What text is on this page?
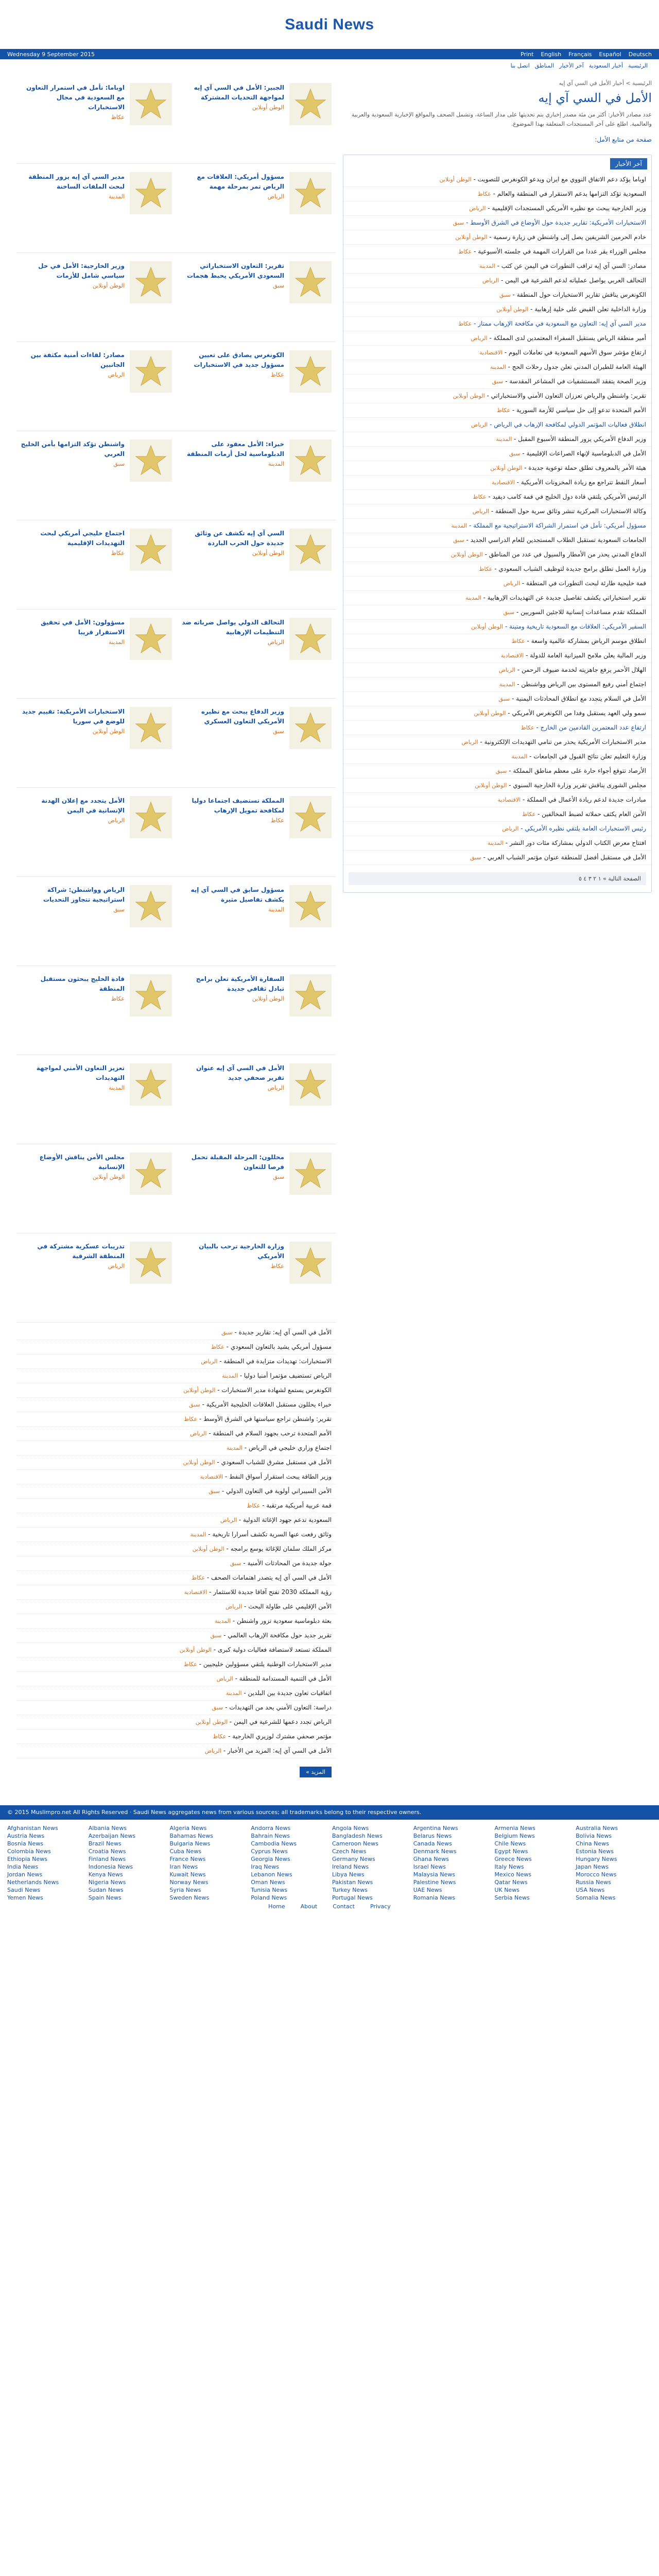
Saudi News
Wednesday 9 September 2015	Print English Français Español Deutsch
الرئيسية
أخبار السعودية
آخر الأخبار
المناطق
اتصل بنا
الرئيسية > أخبار الأمل في السي آي إيه
الأمل في السي آي إيه

عدد مصادر الأخبار: أكثر من مئة مصدر إخباري يتم تحديثها على مدار الساعة، وتشمل الصحف والمواقع الإخبارية السعودية والعربية والعالمية. اطلع على آخر المستجدات المتعلقة بهذا الموضوع.

صفحة من متابع الأمل:
آخر الأخبار
اوباما يؤكد دعم الاتفاق النووي مع ايران ويدعو الكونغرس للتصويت - الوطن أونلاين
السعودية تؤكد التزامها بدعم الاستقرار في المنطقة والعالم - عكاظ
وزير الخارجية يبحث مع نظيره الأمريكي المستجدات الإقليمية - الرياض
الاستخبارات الأمريكية: تقارير جديدة حول الأوضاع في الشرق الأوسط - سبق
خادم الحرمين الشريفين يصل إلى واشنطن في زيارة رسمية - الوطن أونلاين
مجلس الوزراء يقر عددا من القرارات المهمة في جلسته الأسبوعية - عكاظ
مصادر: السي آي إيه تراقب التطورات في اليمن عن كثب - المدينة
التحالف العربي يواصل عملياته لدعم الشرعية في اليمن - الرياض
الكونغرس يناقش تقارير الاستخبارات حول المنطقة - سبق
وزارة الداخلية تعلن القبض على خلية إرهابية - الوطن أونلاين
مدير السي آي إيه: التعاون مع السعودية في مكافحة الإرهاب ممتاز - عكاظ
أمير منطقة الرياض يستقبل السفراء المعتمدين لدى المملكة - الرياض
ارتفاع مؤشر سوق الأسهم السعودية في تعاملات اليوم - الاقتصادية
الهيئة العامة للطيران المدني تعلن جدول رحلات الحج - المدينة
وزير الصحة يتفقد المستشفيات في المشاعر المقدسة - سبق
تقرير: واشنطن والرياض تعززان التعاون الأمني والاستخباراتي - الوطن أونلاين
الأمم المتحدة تدعو إلى حل سياسي للأزمة السورية - عكاظ
انطلاق فعاليات المؤتمر الدولي لمكافحة الإرهاب في الرياض - الرياض
وزير الدفاع الأمريكي يزور المنطقة الأسبوع المقبل - المدينة
الأمل في الدبلوماسية لإنهاء الصراعات الإقليمية - سبق
هيئة الأمر بالمعروف تطلق حملة توعوية جديدة - الوطن أونلاين
أسعار النفط تتراجع مع زيادة المخزونات الأمريكية - الاقتصادية
الرئيس الأمريكي يلتقي قادة دول الخليج في قمة كامب ديفيد - عكاظ
وكالة الاستخبارات المركزية تنشر وثائق سرية حول المنطقة - الرياض
مسؤول أمريكي: نأمل في استمرار الشراكة الاستراتيجية مع المملكة - المدينة
الجامعات السعودية تستقبل الطلاب المستجدين للعام الدراسي الجديد - سبق
الدفاع المدني يحذر من الأمطار والسيول في عدد من المناطق - الوطن أونلاين
وزارة العمل تطلق برامج جديدة لتوظيف الشباب السعودي - عكاظ
قمة خليجية طارئة لبحث التطورات في المنطقة - الرياض
تقرير استخباراتي يكشف تفاصيل جديدة عن التهديدات الإرهابية - المدينة
المملكة تقدم مساعدات إنسانية للاجئين السوريين - سبق
السفير الأمريكي: العلاقات مع السعودية تاريخية ومتينة - الوطن أونلاين
انطلاق موسم الرياض بمشاركة عالمية واسعة - عكاظ
وزير المالية يعلن ملامح الميزانية العامة للدولة - الاقتصادية
الهلال الأحمر يرفع جاهزيته لخدمة ضيوف الرحمن - الرياض
اجتماع أمني رفيع المستوى بين الرياض وواشنطن - المدينة
الأمل في السلام يتجدد مع انطلاق المحادثات اليمنية - سبق
سمو ولي العهد يستقبل وفدا من الكونغرس الأمريكي - الوطن أونلاين
ارتفاع عدد المعتمرين القادمين من الخارج - عكاظ
مدير الاستخبارات الأمريكية يحذر من تنامي التهديدات الإلكترونية - الرياض
وزارة التعليم تعلن نتائج القبول في الجامعات - المدينة
الأرصاد تتوقع أجواء حارة على معظم مناطق المملكة - سبق
مجلس الشورى يناقش تقرير وزارة الخارجية السنوي - الوطن أونلاين
مبادرات جديدة لدعم ريادة الأعمال في المملكة - الاقتصادية
الأمن العام يكثف حملاته لضبط المخالفين - عكاظ
رئيس الاستخبارات العامة يلتقي نظيره الأمريكي - الرياض
افتتاح معرض الكتاب الدولي بمشاركة مئات دور النشر - المدينة
الأمل في مستقبل أفضل للمنطقة عنوان مؤتمر الشباب العربي - سبق
الصفحة التالية » ١ ٢ ٣ ٤ ٥
الجبير: الأمل في السي آي إيه لمواجهة التحديات المشتركة
الوطن أونلاين
اوباما: نأمل في استمرار التعاون مع السعودية في مجال الاستخبارات
عكاظ
مسؤول أمريكي: العلاقات مع الرياض تمر بمرحلة مهمة
الرياض
مدير السي آي إيه يزور المنطقة لبحث الملفات الساخنة
المدينة
تقرير: التعاون الاستخباراتي السعودي الأمريكي يحبط هجمات
سبق
وزير الخارجية: الأمل في حل سياسي شامل للأزمات
الوطن أونلاين
الكونغرس يصادق على تعيين مسؤول جديد في الاستخبارات
عكاظ
مصادر: لقاءات أمنية مكثفة بين الجانبين
الرياض
خبراء: الأمل معقود على الدبلوماسية لحل أزمات المنطقة
المدينة
واشنطن تؤكد التزامها بأمن الخليج العربي
سبق
السي آي إيه تكشف عن وثائق جديدة حول الحرب الباردة
الوطن أونلاين
اجتماع خليجي أمريكي لبحث التهديدات الإقليمية
عكاظ
التحالف الدولي يواصل ضرباته ضد التنظيمات الإرهابية
الرياض
مسؤولون: الأمل في تحقيق الاستقرار قريبا
المدينة
وزير الدفاع يبحث مع نظيره الأمريكي التعاون العسكري
سبق
الاستخبارات الأمريكية: تقييم جديد للوضع في سوريا
الوطن أونلاين
المملكة تستضيف اجتماعا دوليا لمكافحة تمويل الإرهاب
عكاظ
الأمل يتجدد مع إعلان الهدنة الإنسانية في اليمن
الرياض
مسؤول سابق في السي آي إيه يكشف تفاصيل مثيرة
المدينة
الرياض وواشنطن: شراكة استراتيجية تتجاوز التحديات
سبق
السفارة الأمريكية تعلن برامج تبادل ثقافي جديدة
الوطن أونلاين
قادة الخليج يبحثون مستقبل المنطقة
عكاظ
الأمل في السي آي إيه عنوان تقرير صحفي جديد
الرياض
تعزيز التعاون الأمني لمواجهة التهديدات
المدينة
محللون: المرحلة المقبلة تحمل فرصا للتعاون
سبق
مجلس الأمن يناقش الأوضاع الإنسانية
الوطن أونلاين
وزارة الخارجية ترحب بالبيان الأمريكي
عكاظ
تدريبات عسكرية مشتركة في المنطقة الشرقية
الرياض
الأمل في السي آي إيه: تقارير جديدة - سبق
مسؤول أمريكي يشيد بالتعاون السعودي - عكاظ
الاستخبارات: تهديدات متزايدة في المنطقة - الرياض
الرياض تستضيف مؤتمرا أمنيا دوليا - المدينة
الكونغرس يستمع لشهادة مدير الاستخبارات - الوطن أونلاين
خبراء يحللون مستقبل العلاقات الخليجية الأمريكية - سبق
تقرير: واشنطن تراجع سياستها في الشرق الأوسط - عكاظ
الأمم المتحدة ترحب بجهود السلام في المنطقة - الرياض
اجتماع وزاري خليجي في الرياض - المدينة
الأمل في مستقبل مشرق للشباب السعودي - الوطن أونلاين
وزير الطاقة يبحث استقرار أسواق النفط - الاقتصادية
الأمن السيبراني أولوية في التعاون الدولي - سبق
قمة عربية أمريكية مرتقبة - عكاظ
السعودية تدعم جهود الإغاثة الدولية - الرياض
وثائق رفعت عنها السرية تكشف أسرارا تاريخية - المدينة
مركز الملك سلمان للإغاثة يوسع برامجه - الوطن أونلاين
جولة جديدة من المحادثات الأمنية - سبق
الأمل في السي آي إيه يتصدر اهتمامات الصحف - عكاظ
رؤية المملكة 2030 تفتح آفاقا جديدة للاستثمار - الاقتصادية
الأمن الإقليمي على طاولة البحث - الرياض
بعثة دبلوماسية سعودية تزور واشنطن - المدينة
تقرير جديد حول مكافحة الإرهاب العالمي - سبق
المملكة تستعد لاستضافة فعاليات دولية كبرى - الوطن أونلاين
مدير الاستخبارات الوطنية يلتقي مسؤولين خليجيين - عكاظ
الأمل في التنمية المستدامة للمنطقة - الرياض
اتفاقيات تعاون جديدة بين البلدين - المدينة
دراسة: التعاون الأمني يحد من التهديدات - سبق
الرياض تجدد دعمها للشرعية في اليمن - الوطن أونلاين
مؤتمر صحفي مشترك لوزيري الخارجية - عكاظ
الأمل في السي آي إيه: المزيد من الأخبار - الرياض
المزيد »
© 2015 Muslimpro.net All Rights Reserved · Saudi News aggregates news from various sources; all trademarks belong to their respective owners.
Afghanistan News	Albania News	Algeria News	Andorra News	Angola News	Argentina News	Armenia News	Australia News
Austria News	Azerbaijan News	Bahamas News	Bahrain News	Bangladesh News	Belarus News	Belgium News	Bolivia News
Bosnia News	Brazil News	Bulgaria News	Cambodia News	Cameroon News	Canada News	Chile News	China News
Colombia News	Croatia News	Cuba News	Cyprus News	Czech News	Denmark News	Egypt News	Estonia News
Ethiopia News	Finland News	France News	Georgia News	Germany News	Ghana News	Greece News	Hungary News
India News	Indonesia News	Iran News	Iraq News	Ireland News	Israel News	Italy News	Japan News
Jordan News	Kenya News	Kuwait News	Lebanon News	Libya News	Malaysia News	Mexico News	Morocco News
Netherlands News	Nigeria News	Norway News	Oman News	Pakistan News	Palestine News	Qatar News	Russia News
Saudi News	Sudan News	Syria News	Tunisia News	Turkey News	UAE News	UK News	USA News
Yemen News	Spain News	Sweden News	Poland News	Portugal News	Romania News	Serbia News	Somalia News
Home	About	Contact	Privacy
